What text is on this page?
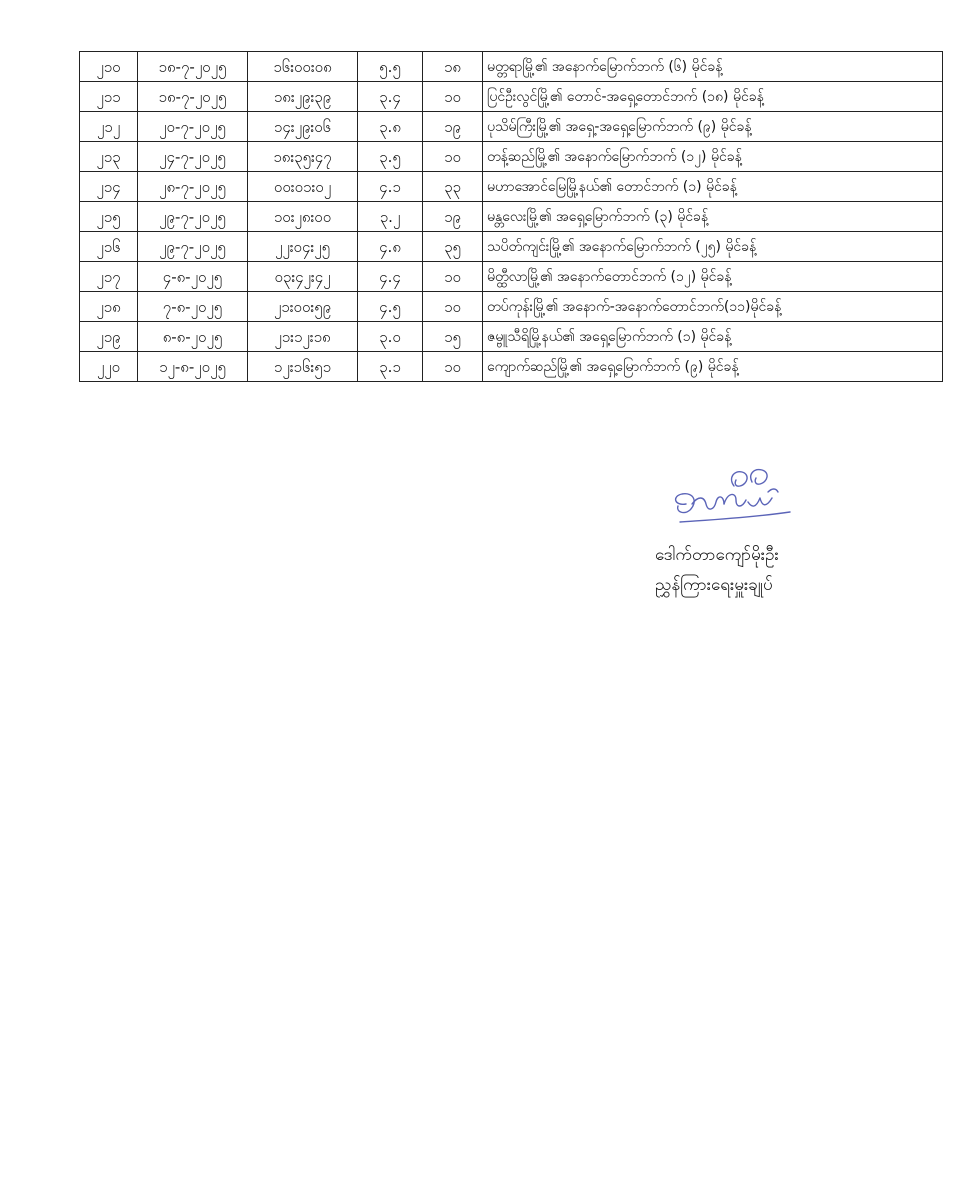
၂၁၀	၁၈-၇-၂၀၂၅	၁၆း၀၀း၀၈	၅.၅	၁၈	မတ္တရာမြို့၏ အနောက်မြောက်ဘက် (၆) မိုင်ခန့်
၂၁၁	၁၈-၇-၂၀၂၅	၁၈း၂၉း၃၉	၃.၄	၁၀	ပြင်ဦးလွင်မြို့၏ တောင်-အရှေ့တောင်ဘက် (၁၈) မိုင်ခန့်
၂၁၂	၂၀-၇-၂၀၂၅	၁၄း၂၉း၀၆	၃.၈	၁၉	ပုသိမ်ကြီးမြို့၏ အရှေ့-အရှေ့မြောက်ဘက် (၉) မိုင်ခန့်
၂၁၃	၂၄-၇-၂၀၂၅	၁၈း၃၅း၄၇	၃.၅	၁၀	တန့်ဆည်မြို့၏ အနောက်မြောက်ဘက် (၁၂) မိုင်ခန့်
၂၁၄	၂၈-၇-၂၀၂၅	၀၀း၀၁း၀၂	၄.၁	၃၃	မဟာအောင်မြေမြို့နယ်၏ တောင်ဘက် (၁) မိုင်ခန့်
၂၁၅	၂၉-၇-၂၀၂၅	၁၀း၂၈း၀၀	၃.၂	၁၉	မန္တလေးမြို့၏ အရှေ့မြောက်ဘက် (၃) မိုင်ခန့်
၂၁၆	၂၉-၇-၂၀၂၅	၂၂း၀၄း၂၅	၄.၈	၃၅	သပိတ်ကျင်းမြို့၏ အနောက်မြောက်ဘက် (၂၅) မိုင်ခန့်
၂၁၇	၄-၈-၂၀၂၅	၀၃း၄၂း၄၂	၄.၄	၁၀	မိတ္ထီလာမြို့၏ အနောက်တောင်ဘက် (၁၂) မိုင်ခန့်
၂၁၈	၇-၈-၂၀၂၅	၂၁း၀၀း၅၉	၄.၅	၁၀	တပ်ကုန်းမြို့၏ အနောက်-အနောက်တောင်ဘက်(၁၁)မိုင်ခန့်
၂၁၉	၈-၈-၂၀၂၅	၂၁း၁၂း၁၈	၃.၀	၁၅	ဇမ္ဗူသီရိမြို့နယ်၏ အရှေ့မြောက်ဘက် (၁) မိုင်ခန့်
၂၂၀	၁၂-၈-၂၀၂၅	၁၂း၁၆း၅၁	၃.၁	၁၀	ကျောက်ဆည်မြို့၏ အရှေ့မြောက်ဘက် (၉) မိုင်ခန့်
ဒေါက်တာကျော်မိုးဦး
ညွှန်ကြားရေးမှူးချုပ်
